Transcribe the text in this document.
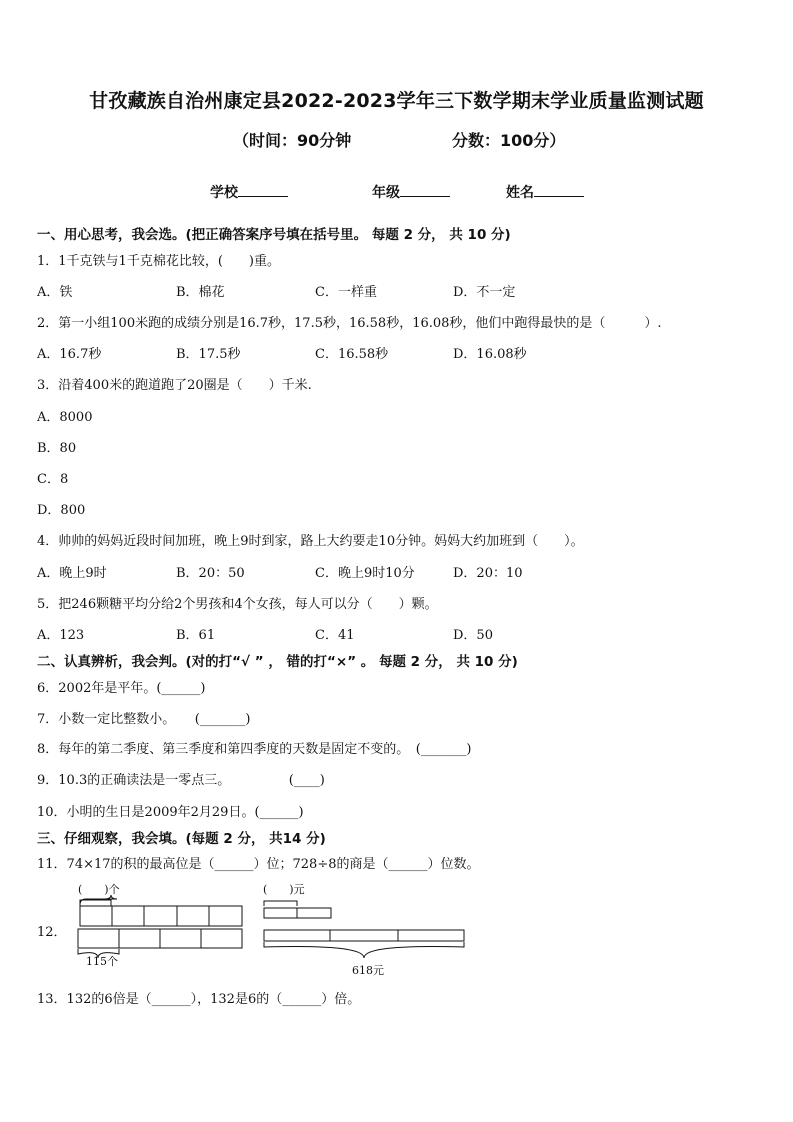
甘孜藏族自治州康定县2022-2023学年三下数学期末学业质量监测试题
（时间：90分钟	分数：100分）
学校	年级	姓名
一、用心思考，我会选。(把正确答案序号填在括号里。 每题 2 分， 共 10 分)
1．1千克铁与1千克棉花比较，(　　)重。
A．铁	B．棉花	C．一样重	D．不一定
2．第一小组100米跑的成绩分别是16.7秒，17.5秒，16.58秒，16.08秒，他们中跑得最快的是（　　　）.
A．16.7秒	B．17.5秒	C．16.58秒	D．16.08秒
3．沿着400米的跑道跑了20圈是（　　）千米.
A．8000
B．80
C．8
D．800
4．帅帅的妈妈近段时间加班，晚上9时到家，路上大约要走10分钟。妈妈大约加班到（　　）。
A．晚上9时	B．20：50	C．晚上9时10分	D．20：10
5．把246颗糖平均分给2个男孩和4个女孩，每人可以分（　　）颗。
A．123	B．61	C．41	D．50
二、认真辨析，我会判。(对的打“√ ” ， 错的打“×” 。 每题 2 分， 共 10 分)
6．2002年是平年。(______)
7．小数一定比整数小。　　(_______)
8．每年的第二季度、第三季度和第四季度的天数是固定不变的。　(_______)
9．10.3的正确读法是一零点三。　　　　　(____)
10．小明的生日是2009年2月29日。(______)
三、仔细观察，我会填。(每题 2 分， 共14 分)
11．74×17的积的最高位是（______）位；728÷8的商是（______）位数。
12．
(　　)个
115个
(　　)元
618元
13．132的6倍是（______），132是6的（______）倍。
